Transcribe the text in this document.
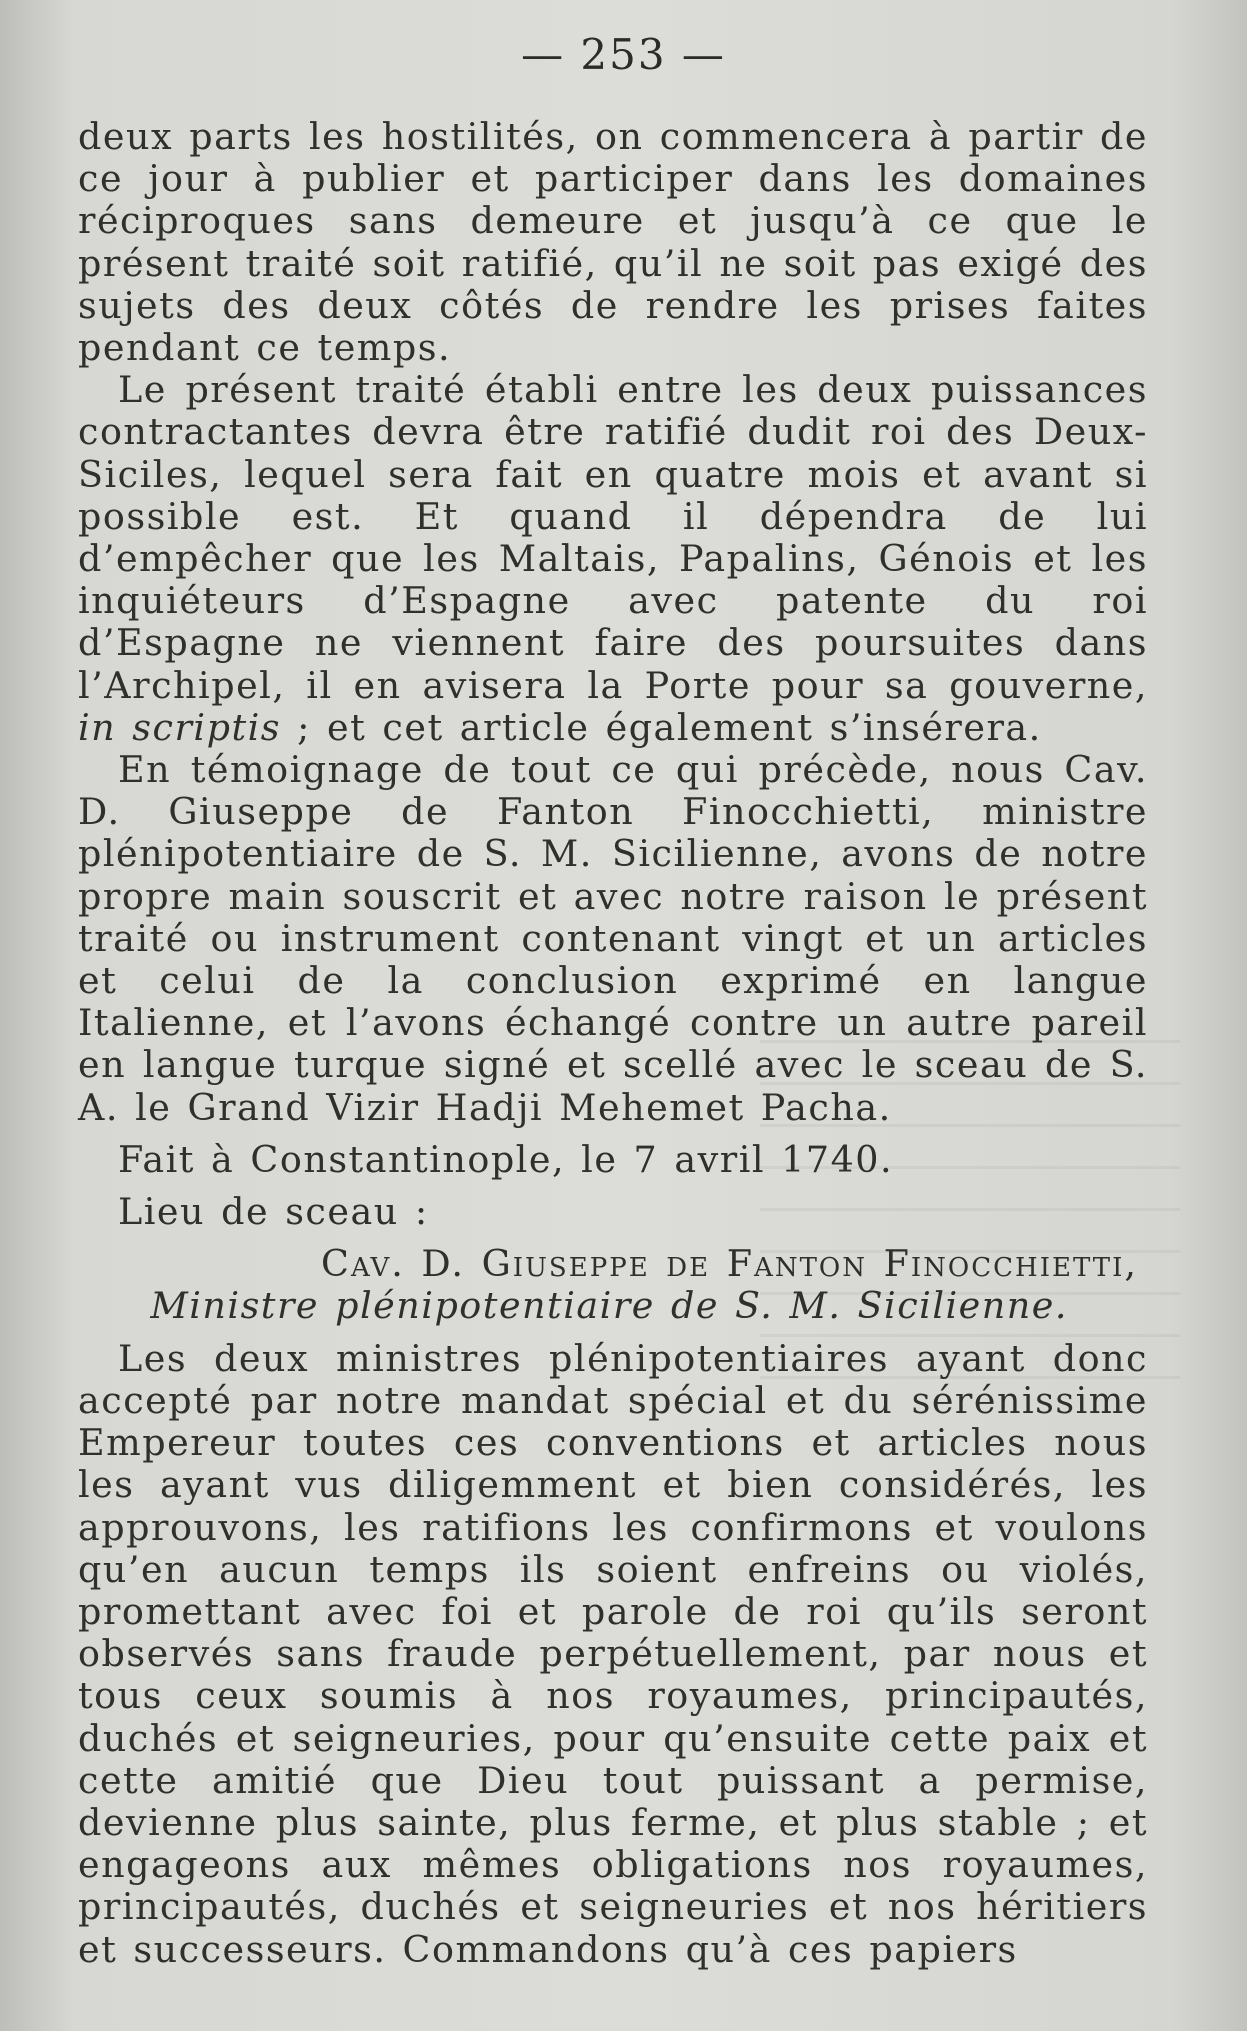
— 253 —

deux parts les hostilités, on commencera à partir de ce jour à publier et participer dans les domaines réciproques sans demeure et jusqu’à ce que le présent traité soit ratifié, qu’il ne soit pas exigé des sujets des deux côtés de rendre les prises faites pendant ce temps.

Le présent traité établi entre les deux puissances contractantes devra être ratifié dudit roi des Deux-Siciles, lequel sera fait en quatre mois et avant si possible est. Et quand il dépendra de lui d’empêcher que les Maltais, Papalins, Génois et les inquiéteurs d’Espagne avec patente du roi d’Espagne ne viennent faire des poursuites dans l’Archipel, il en avisera la Porte pour sa gouverne, in scriptis ; et cet article également s’insérera.

En témoignage de tout ce qui précède, nous Cav. D. Giuseppe de Fanton Finocchietti, ministre plénipotentiaire de S. M. Sicilienne, avons de notre propre main souscrit et avec notre raison le présent traité ou instrument contenant vingt et un articles et celui de la conclusion exprimé en langue Italienne, et l’avons échangé contre un autre pareil en langue turque signé et scellé avec le sceau de S. A. le Grand Vizir Hadji Mehemet Pacha.

Fait à Constantinople, le 7 avril 1740.

Lieu de sceau :

Cav. D. Giuseppe de Fanton Finocchietti,
Ministre plénipotentiaire de S. M. Sicilienne.

Les deux ministres plénipotentiaires ayant donc accepté par notre mandat spécial et du sérénissime Empereur toutes ces conventions et articles nous les ayant vus diligemment et bien considérés, les approuvons, les ratifions les confirmons et voulons qu’en aucun temps ils soient enfreins ou violés, promettant avec foi et parole de roi qu’ils seront observés sans fraude perpétuellement, par nous et tous ceux soumis à nos royaumes, principautés, duchés et seigneuries, pour qu’ensuite cette paix et cette amitié que Dieu tout puissant a permise, devienne plus sainte, plus ferme, et plus stable ; et engageons aux mêmes obligations nos royaumes, principautés, duchés et seigneuries et nos héritiers et successeurs. Commandons qu’à ces papiers
